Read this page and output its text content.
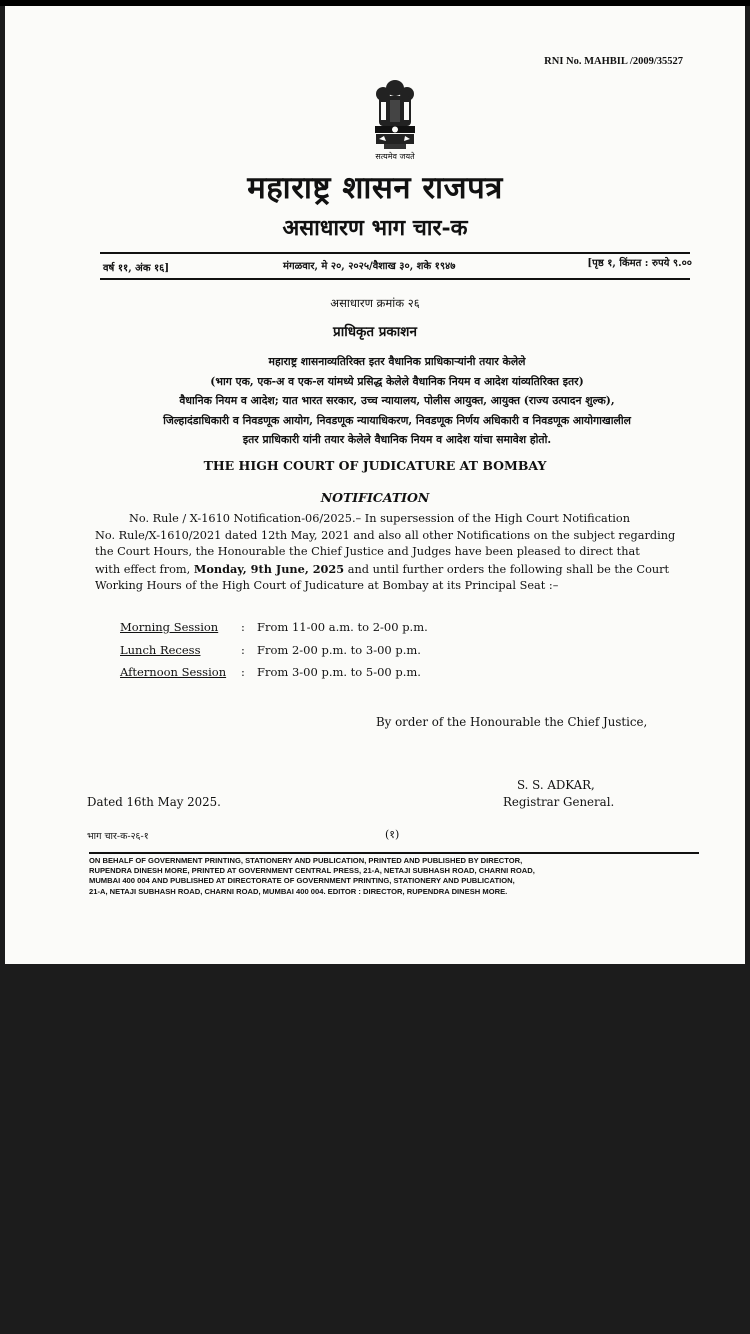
RNI No. MAHBIL /2009/35527
सत्यमेव जयते
महाराष्ट्र शासन राजपत्र
असाधारण भाग चार-क
वर्ष ११, अंक १६]	मंगळवार, मे २०, २०२५/वैशाख ३०, शके १९४७	[पृष्ठ १, किंमत : रुपये ९.००
असाधारण क्रमांक २६
प्राधिकृत प्रकाशन
महाराष्ट्र शासनाव्यतिरिक्त इतर वैधानिक प्राधिकाऱ्यांनी तयार केलेले
(भाग एक, एक-अ व एक-ल यांमध्ये प्रसिद्ध केलेले वैधानिक नियम व आदेश यांव्यतिरिक्त इतर)
वैधानिक नियम व आदेश; यात भारत सरकार, उच्च न्यायालय, पोलीस आयुक्त, आयुक्त (राज्य उत्पादन शुल्क),
जिल्हादंडाधिकारी व निवडणूक आयोग, निवडणूक न्यायाधिकरण, निवडणूक निर्णय अधिकारी व निवडणूक आयोगाखालील
इतर प्राधिकारी यांनी तयार केलेले वैधानिक नियम व आदेश यांचा समावेश होतो.
THE HIGH COURT OF JUDICATURE AT BOMBAY
NOTIFICATION
No. Rule / X-1610 Notification-06/2025.– In supersession of the High Court Notification
No. Rule/X-1610/2021 dated 12th May, 2021 and also all other Notifications on the subject regarding
the Court Hours, the Honourable the Chief Justice and Judges have been pleased to direct that
with effect from, Monday, 9th June, 2025 and until further orders the following shall be the Court
Working Hours of the High Court of Judicature at Bombay at its Principal Seat :–
Morning Session : From 11-00 a.m. to 2-00 p.m.
Lunch Recess	: From 2-00 p.m. to 3-00 p.m.
Afternoon Session : From 3-00 p.m. to 5-00 p.m.
By order of the Honourable the Chief Justice,
S. S. ADKAR,
Dated 16th May 2025.	Registrar General.
भाग चार-क-२६-१	(१)
ON BEHALF OF GOVERNMENT PRINTING, STATIONERY AND PUBLICATION, PRINTED AND PUBLISHED BY DIRECTOR,
RUPENDRA DINESH MORE, PRINTED AT GOVERNMENT CENTRAL PRESS, 21-A, NETAJI SUBHASH ROAD, CHARNI ROAD,
MUMBAI 400 004 AND PUBLISHED AT DIRECTORATE OF GOVERNMENT PRINTING, STATIONERY AND PUBLICATION,
21-A, NETAJI SUBHASH ROAD, CHARNI ROAD, MUMBAI 400 004. EDITOR : DIRECTOR, RUPENDRA DINESH MORE.
